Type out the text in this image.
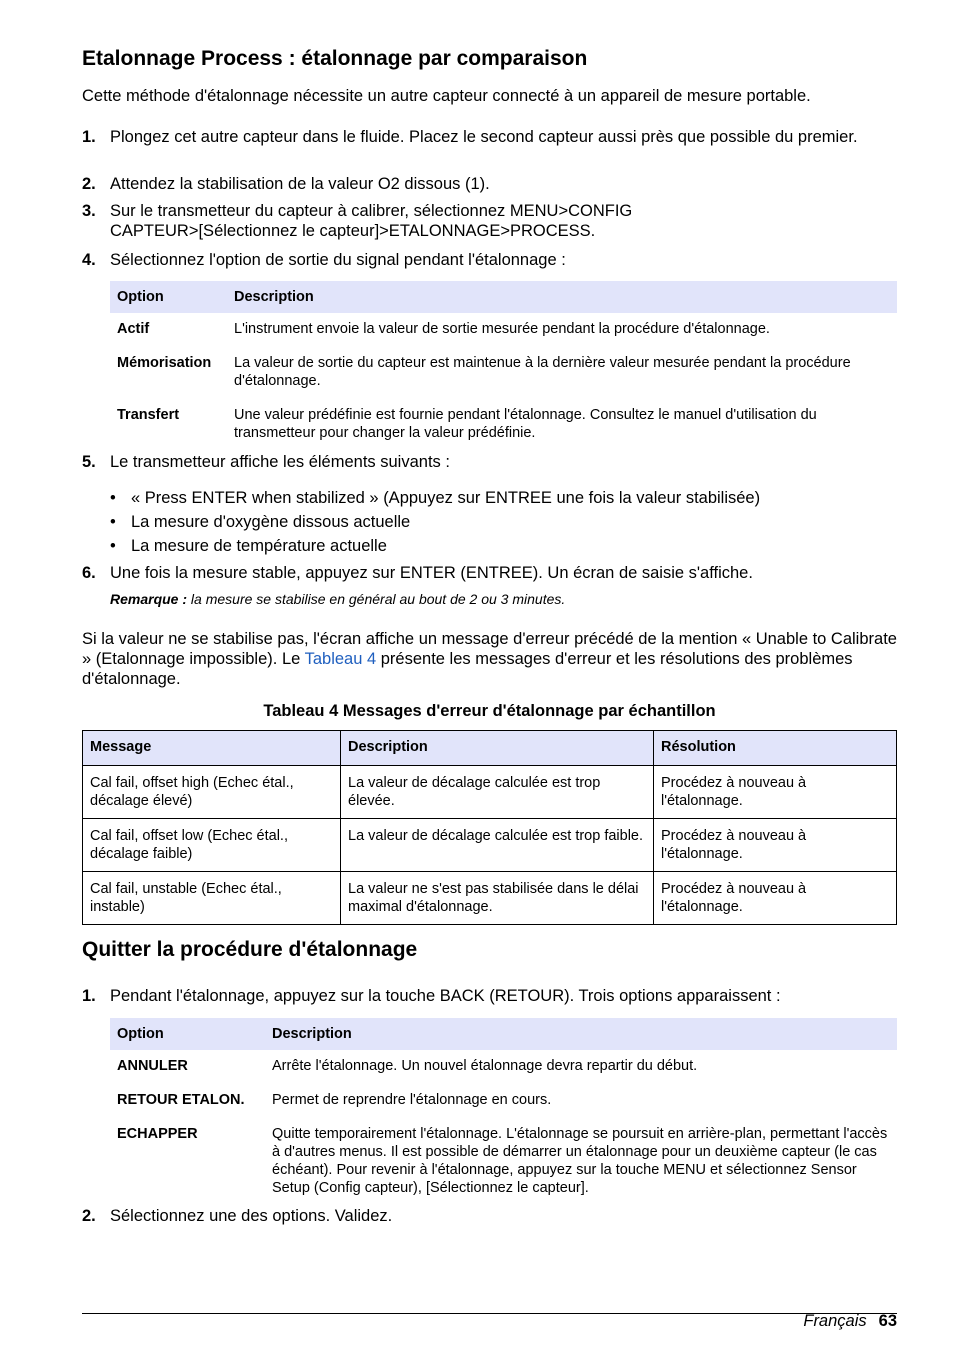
Etalonnage Process : étalonnage par comparaison
Cette méthode d'étalonnage nécessite un autre capteur connecté à un appareil de mesure portable.
1. Plongez cet autre capteur dans le fluide. Placez le second capteur aussi près que possible du premier.
2. Attendez la stabilisation de la valeur O2 dissous (1).
3. Sur le transmetteur du capteur à calibrer, sélectionnez MENU>CONFIG CAPTEUR>[Sélectionnez le capteur]>ETALONNAGE>PROCESS.
4. Sélectionnez l'option de sortie du signal pendant l'étalonnage :
Option	Description
Actif	L'instrument envoie la valeur de sortie mesurée pendant la procédure d'étalonnage.
Mémorisation	La valeur de sortie du capteur est maintenue à la dernière valeur mesurée pendant la procédure d'étalonnage.
Transfert	Une valeur prédéfinie est fournie pendant l'étalonnage. Consultez le manuel d'utilisation du transmetteur pour changer la valeur prédéfinie.
5. Le transmetteur affiche les éléments suivants :
• « Press ENTER when stabilized » (Appuyez sur ENTREE une fois la valeur stabilisée)
• La mesure d'oxygène dissous actuelle
• La mesure de température actuelle
6. Une fois la mesure stable, appuyez sur ENTER (ENTREE). Un écran de saisie s'affiche.
Remarque : la mesure se stabilise en général au bout de 2 ou 3 minutes.
Si la valeur ne se stabilise pas, l'écran affiche un message d'erreur précédé de la mention « Unable to Calibrate » (Etalonnage impossible). Le Tableau 4 présente les messages d'erreur et les résolutions des problèmes d'étalonnage.
Tableau 4 Messages d'erreur d'étalonnage par échantillon
Message	Description	Résolution
Cal fail, offset high (Echec étal., décalage élevé)	La valeur de décalage calculée est trop élevée.	Procédez à nouveau à l'étalonnage.
Cal fail, offset low (Echec étal., décalage faible)	La valeur de décalage calculée est trop faible.	Procédez à nouveau à l'étalonnage.
Cal fail, unstable (Echec étal., instable)	La valeur ne s'est pas stabilisée dans le délai maximal d'étalonnage.	Procédez à nouveau à l'étalonnage.
Quitter la procédure d'étalonnage
1. Pendant l'étalonnage, appuyez sur la touche BACK (RETOUR). Trois options apparaissent :
Option	Description
ANNULER	Arrête l'étalonnage. Un nouvel étalonnage devra repartir du début.
RETOUR ETALON.	Permet de reprendre l'étalonnage en cours.
ECHAPPER	Quitte temporairement l'étalonnage. L'étalonnage se poursuit en arrière-plan, permettant l'accès à d'autres menus. Il est possible de démarrer un étalonnage pour un deuxième capteur (le cas échéant). Pour revenir à l'étalonnage, appuyez sur la touche MENU et sélectionnez Sensor Setup (Config capteur), [Sélectionnez le capteur].
2. Sélectionnez une des options. Validez.
Français 63
